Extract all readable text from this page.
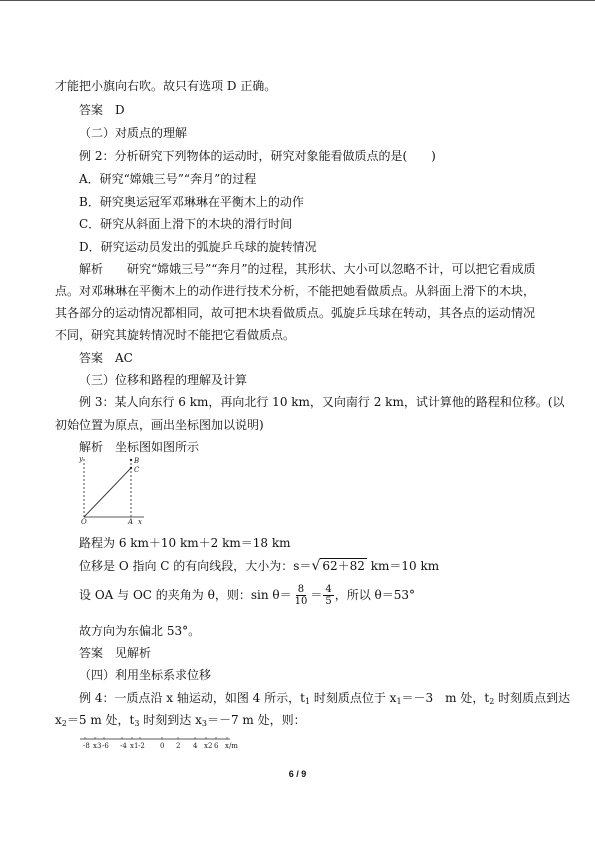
才能把小旗向右吹。故只有选项 D 正确。
答案　D
（二）对质点的理解
例 2：分析研究下列物体的运动时，研究对象能看做质点的是(　　)
A．研究“嫦娥三号”“奔月”的过程
B．研究奥运冠军邓琳琳在平衡木上的动作
C．研究从斜面上滑下的木块的滑行时间
D．研究运动员发出的弧旋乒乓球的旋转情况
解析　　研究“嫦娥三号”“奔月”的过程，其形状、大小可以忽略不计，可以把它看成质
点。对邓琳琳在平衡木上的动作进行技术分析，不能把她看做质点。从斜面上滑下的木块，
其各部分的运动情况都相同，故可把木块看做质点。弧旋乒乓球在转动，其各点的运动情况
不同，研究其旋转情况时不能把它看做质点。
答案　AC
（三）位移和路程的理解及计算
例 3：某人向东行 6 km，再向北行 10 km，又向南行 2 km，试计算他的路程和位移。(以
初始位置为原点，画出坐标图加以说明)
解析　坐标图如图所示
y	B
C
O	A x
路程为 6 km＋10 km＋2 km＝18 km
位移是 O 指向 C 的有向线段，大小为：s＝ √ 62＋82 km＝10 km
设 OA 与 OC 的夹角为 θ，则：$\sin \theta= \frac{8}{10} = \frac{4}{5}$ ，所以 θ＝53°
故方向为东偏北 53°。
答案　见解析
（四）利用坐标系求位移
例 4：一质点沿 x 轴运动，如图 4 所示，$t_1$ 时刻质点位于 $x_1=-3$　m 处，$t_2$ 时刻质点到达
$x_2=5$ m 处，$t_3$ 时刻到达 $x_3=-7$ m 处，则：
-8 x3 -6 -4 x1 -2 0 2 4 x2 6 x/m
6 / 9
